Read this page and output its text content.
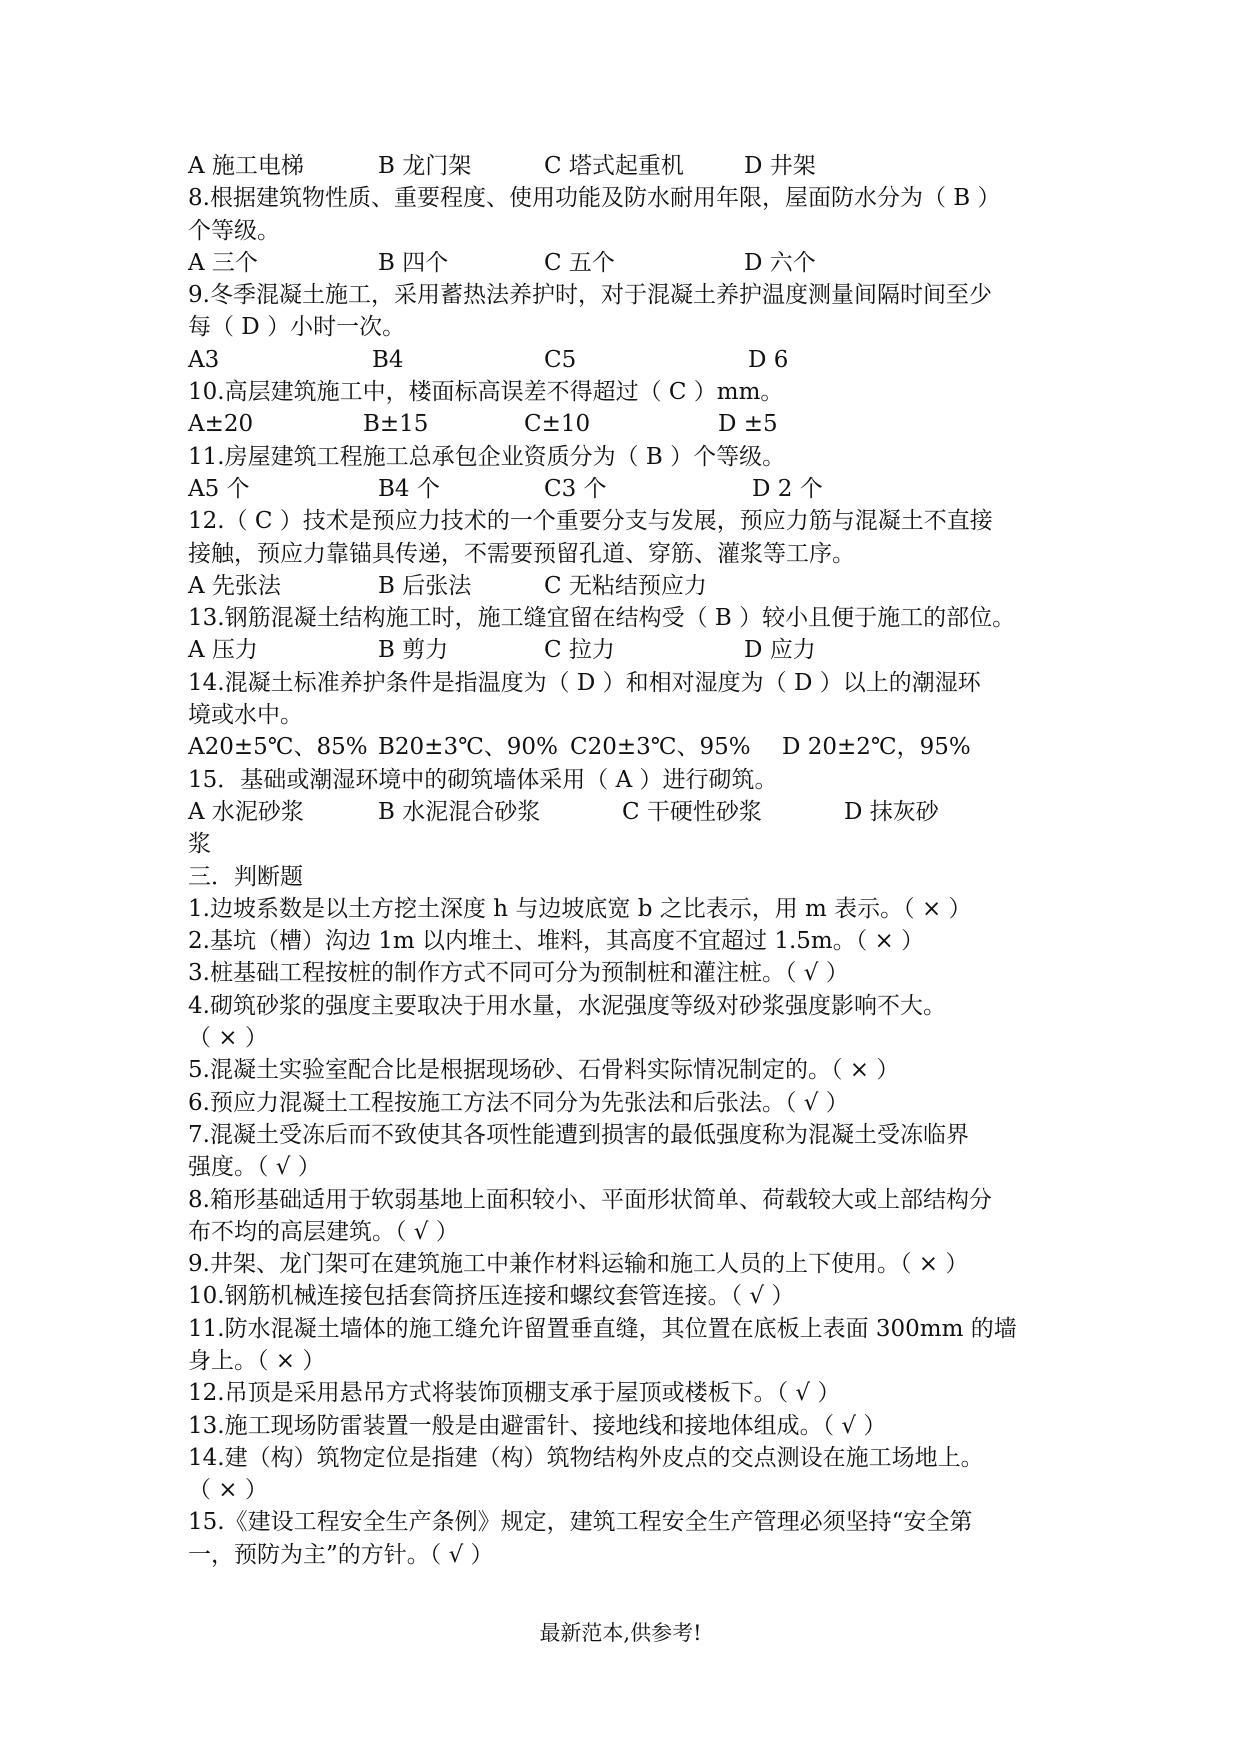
A 施工电梯	B 龙门架	C 塔式起重机	D 井架
8.根据建筑物性质、重要程度、使用功能及防水耐用年限，屋面防水分为（ B ）
个等级。
A 三个	B 四个	C 五个	D 六个
9.冬季混凝土施工，采用蓄热法养护时，对于混凝土养护温度测量间隔时间至少
每（ D ）小时一次。
A3	B4	C5	D 6
10.高层建筑施工中，楼面标高误差不得超过（ C ）mm。
A±20	B±15	C±10	D ±5
11.房屋建筑工程施工总承包企业资质分为（ B ）个等级。
A5 个	B4 个	C3 个	D 2 个
12.（ C ）技术是预应力技术的一个重要分支与发展，预应力筋与混凝土不直接
接触，预应力靠锚具传递，不需要预留孔道、穿筋、灌浆等工序。
A 先张法	B 后张法	C 无粘结预应力
13.钢筋混凝土结构施工时，施工缝宜留在结构受（ B ）较小且便于施工的部位。
A 压力	B 剪力	C 拉力	D 应力
14.混凝土标准养护条件是指温度为（ D ）和相对湿度为（ D ）以上的潮湿环
境或水中。
A20±5℃、85% B20±3℃、90% C20±3℃、95% D 20±2℃，95%
15．基础或潮湿环境中的砌筑墙体采用（ A ）进行砌筑。
A 水泥砂浆	B 水泥混合砂浆	C 干硬性砂浆	D 抹灰砂
浆
三．判断题
1.边坡系数是以土方挖土深度 h 与边坡底宽 b 之比表示，用 m 表示。（ × ）
2.基坑（槽）沟边 1m 以内堆土、堆料，其高度不宜超过 1.5m。（ × ）
3.桩基础工程按桩的制作方式不同可分为预制桩和灌注桩。（ √ ）
4.砌筑砂浆的强度主要取决于用水量，水泥强度等级对砂浆强度影响不大。
（ × ）
5.混凝土实验室配合比是根据现场砂、石骨料实际情况制定的。（ × ）
6.预应力混凝土工程按施工方法不同分为先张法和后张法。（ √ ）
7.混凝土受冻后而不致使其各项性能遭到损害的最低强度称为混凝土受冻临界
强度。（ √ ）
8.箱形基础适用于软弱基地上面积较小、平面形状简单、荷载较大或上部结构分
布不均的高层建筑。（ √ ）
9.井架、龙门架可在建筑施工中兼作材料运输和施工人员的上下使用。（ × ）
10.钢筋机械连接包括套筒挤压连接和螺纹套管连接。（ √ ）
11.防水混凝土墙体的施工缝允许留置垂直缝，其位置在底板上表面 300mm 的墙
身上。（ × ）
12.吊顶是采用悬吊方式将装饰顶棚支承于屋顶或楼板下。（ √ ）
13.施工现场防雷装置一般是由避雷针、接地线和接地体组成。（ √ ）
14.建（构）筑物定位是指建（构）筑物结构外皮点的交点测设在施工场地上。
（ × ）
15.《建设工程安全生产条例》规定，建筑工程安全生产管理必须坚持“安全第
一，预防为主”的方针。（ √ ）
最新范本,供参考!
